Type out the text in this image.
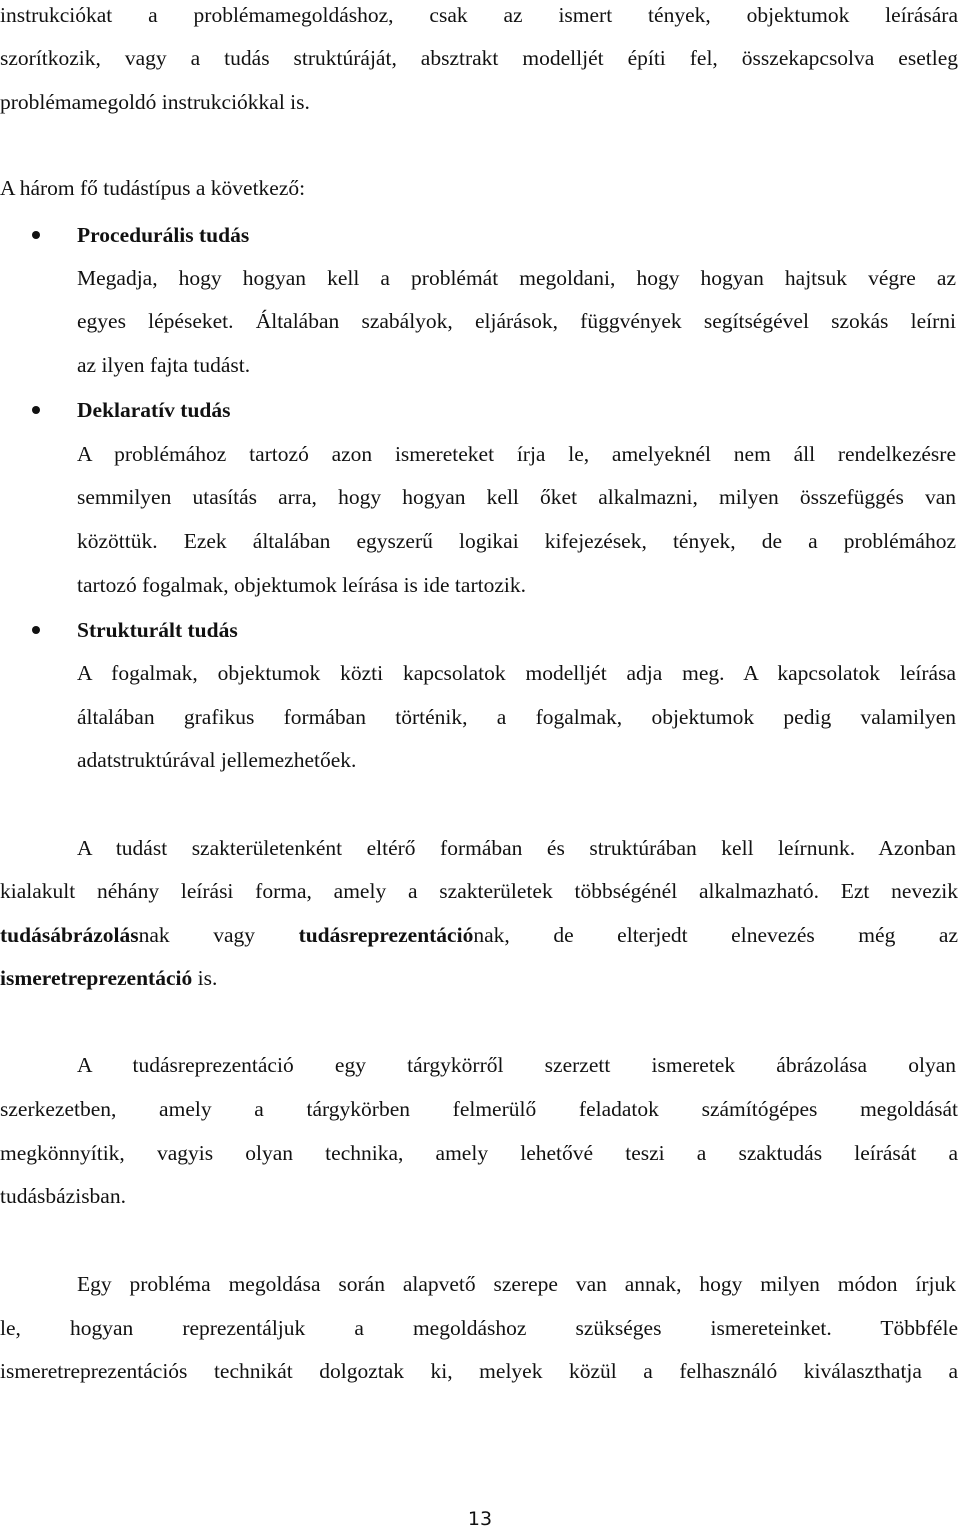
instrukciókat a problémamegoldáshoz, csak az ismert tények, objektumok leírására
szorítkozik, vagy a tudás struktúráját, absztrakt modelljét építi fel, összekapcsolva esetleg
problémamegoldó instrukciókkal is.
A három fő tudástípus a következő:
Procedurális tudás
Megadja, hogy hogyan kell a problémát megoldani, hogy hogyan hajtsuk végre az
egyes lépéseket. Általában szabályok, eljárások, függvények segítségével szokás leírni
az ilyen fajta tudást.
Deklaratív tudás
A problémához tartozó azon ismereteket írja le, amelyeknél nem áll rendelkezésre
semmilyen utasítás arra, hogy hogyan kell őket alkalmazni, milyen összefüggés van
közöttük. Ezek általában egyszerű logikai kifejezések, tények, de a problémához
tartozó fogalmak, objektumok leírása is ide tartozik.
Strukturált tudás
A fogalmak, objektumok közti kapcsolatok modelljét adja meg. A kapcsolatok leírása
általában grafikus formában történik, a fogalmak, objektumok pedig valamilyen
adatstruktúrával jellemezhetőek.
A tudást szakterületenként eltérő formában és struktúrában kell leírnunk. Azonban
kialakult néhány leírási forma, amely a szakterületek többségénél alkalmazható. Ezt nevezik
tudásábrázolásnak vagy tudásreprezentációnak, de elterjedt elnevezés még az
ismeretreprezentáció is.
A tudásreprezentáció egy tárgykörről szerzett ismeretek ábrázolása olyan
szerkezetben, amely a tárgykörben felmerülő feladatok számítógépes megoldását
megkönnyítik, vagyis olyan technika, amely lehetővé teszi a szaktudás leírását a
tudásbázisban.
Egy probléma megoldása során alapvető szerepe van annak, hogy milyen módon írjuk
le, hogyan reprezentáljuk a megoldáshoz szükséges ismereteinket. Többféle
ismeretreprezentációs technikát dolgoztak ki, melyek közül a felhasználó kiválaszthatja a
13
